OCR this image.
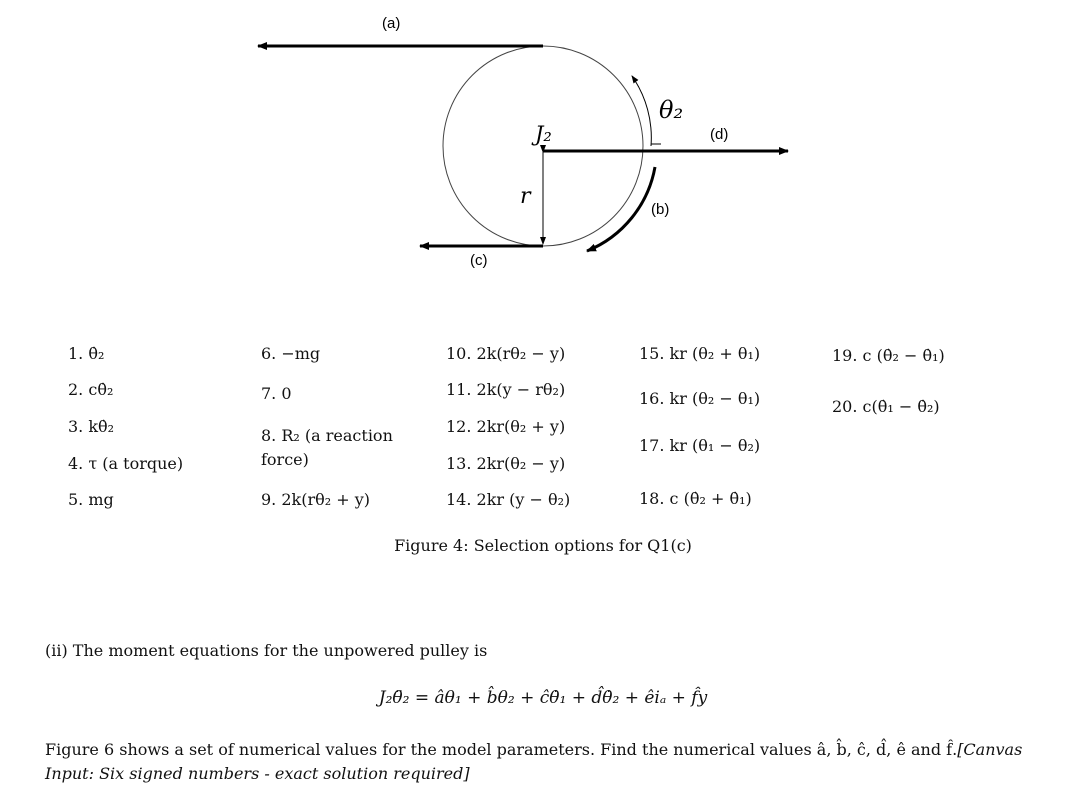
(a)
(b)
(c)
(d)
θ₂
J₂
r
1. θ̇₂
2. cθ̇₂
3. kθ̇₂
4. τ (a torque)
5. mg
6. −mg
7. 0
8. R₂ (a reaction force)
9. 2k(rθ₂ + y)
10. 2k(rθ₂ − y)
11. 2k(y − rθ₂)
12. 2kr(θ₂ + y)
13. 2kr(θ₂ − y)
14. 2kr (y − θ₂)
15. kr (θ₂ + θ₁)
16. kr (θ₂ − θ₁)
17. kr (θ₁ − θ₂)
18. c (θ̇₂ + θ̇₁)
19. c (θ̇₂ − θ̇₁)
20. c(θ̇₁ − θ̇₂)
Figure 4: Selection options for Q1(c)
(ii) The moment equations for the unpowered pulley is
J₂θ̈₂ = âθ₁ + b̂θ₂ + ĉθ̇₁ + d̂θ̇₂ + êiₐ + f̂y
Figure 6 shows a set of numerical values for the model parameters. Find the numerical values â, b̂, ĉ, d̂, ê and f̂.[Canvas Input: Six signed numbers - exact solution required]
